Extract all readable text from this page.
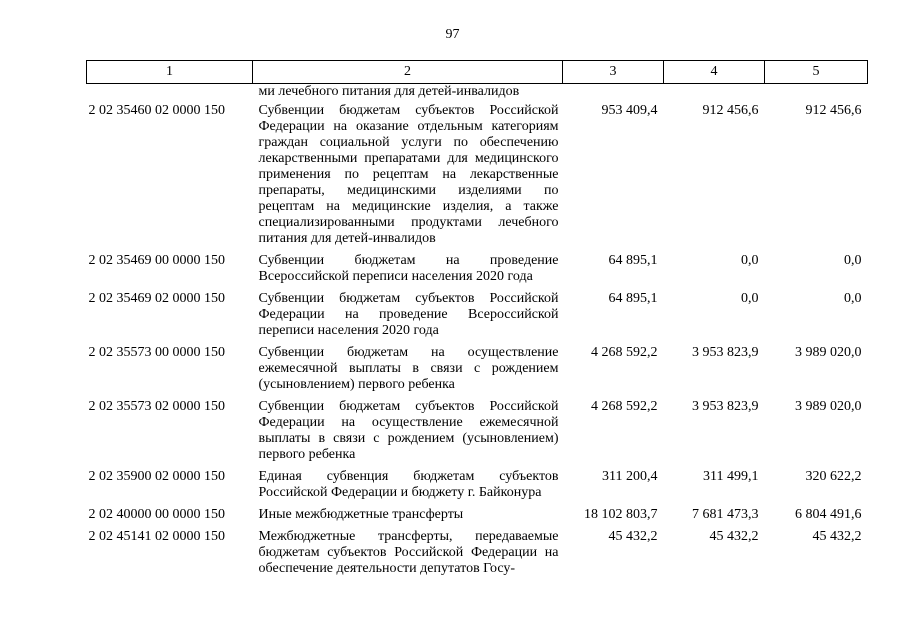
97
1	2	3	4	5
	ми лечебного питания для детей-инвалидов			
2 02 35460 02 0000 150	Субвенции бюджетам субъектов Российской Федерации на оказание отдельным категориям граждан социальной услуги по обеспечению лекарственными препаратами для медицинского применения по рецептам на лекарственные препараты, медицинскими изделиями по рецептам на медицинские изделия, а также специализированными продуктами лечебного питания для детей-инвалидов	953 409,4	912 456,6	912 456,6
2 02 35469 00 0000 150	Субвенции бюджетам на проведение Всероссийской переписи населения 2020 года	64 895,1	0,0	0,0
2 02 35469 02 0000 150	Субвенции бюджетам субъектов Российской Федерации на проведение Всероссийской переписи населения 2020 года	64 895,1	0,0	0,0
2 02 35573 00 0000 150	Субвенции бюджетам на осуществление ежемесячной выплаты в связи с рождением (усыновлением) первого ребенка	4 268 592,2	3 953 823,9	3 989 020,0
2 02 35573 02 0000 150	Субвенции бюджетам субъектов Российской Федерации на осуществление ежемесячной выплаты в связи с рождением (усыновлением) первого ребенка	4 268 592,2	3 953 823,9	3 989 020,0
2 02 35900 02 0000 150	Единая субвенция бюджетам субъектов Российской Федерации и бюджету г. Байконура	311 200,4	311 499,1	320 622,2
2 02 40000 00 0000 150	Иные межбюджетные трансферты	18 102 803,7	7 681 473,3	6 804 491,6
2 02 45141 02 0000 150	Межбюджетные трансферты, передаваемые бюджетам субъектов Российской Федерации на обеспечение деятельности депутатов Госу-	45 432,2	45 432,2	45 432,2
